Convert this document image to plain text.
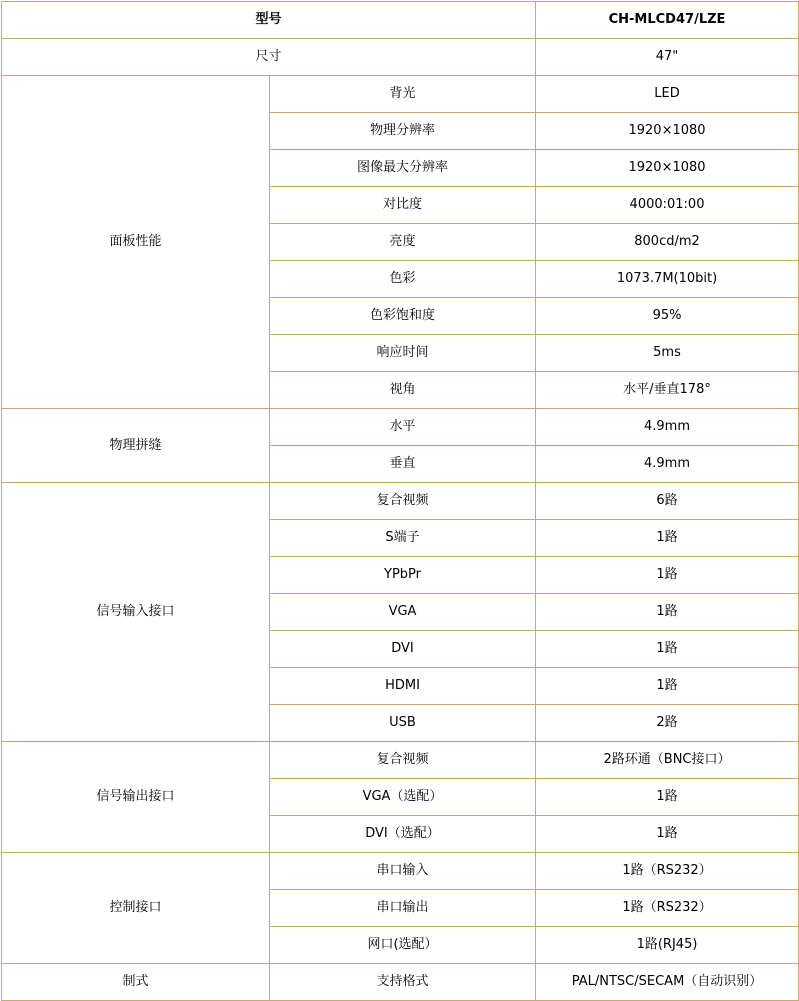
型号		CH-MLCD47/LZE
尺寸		47"
面板性能	背光	LED
	物理分辨率	1920×1080
	图像最大分辨率	1920×1080
	对比度	4000:01:00
	亮度	800cd/m2
	色彩	1073.7M(10bit)
	色彩饱和度	95%
	响应时间	5ms
	视角	水平/垂直178°
物理拼缝	水平	4.9mm
	垂直	4.9mm
信号输入接口	复合视频	6路
	S端子	1路
	YPbPr	1路
	VGA	1路
	DVI	1路
	HDMI	1路
	USB	2路
信号输出接口	复合视频	2路环通（BNC接口）
	VGA（选配）	1路
	DVI（选配）	1路
控制接口	串口输入	1路（RS232）
	串口输出	1路（RS232）
	网口(选配）	1路(RJ45)
制式	支持格式	PAL/NTSC/SECAM（自动识别）
